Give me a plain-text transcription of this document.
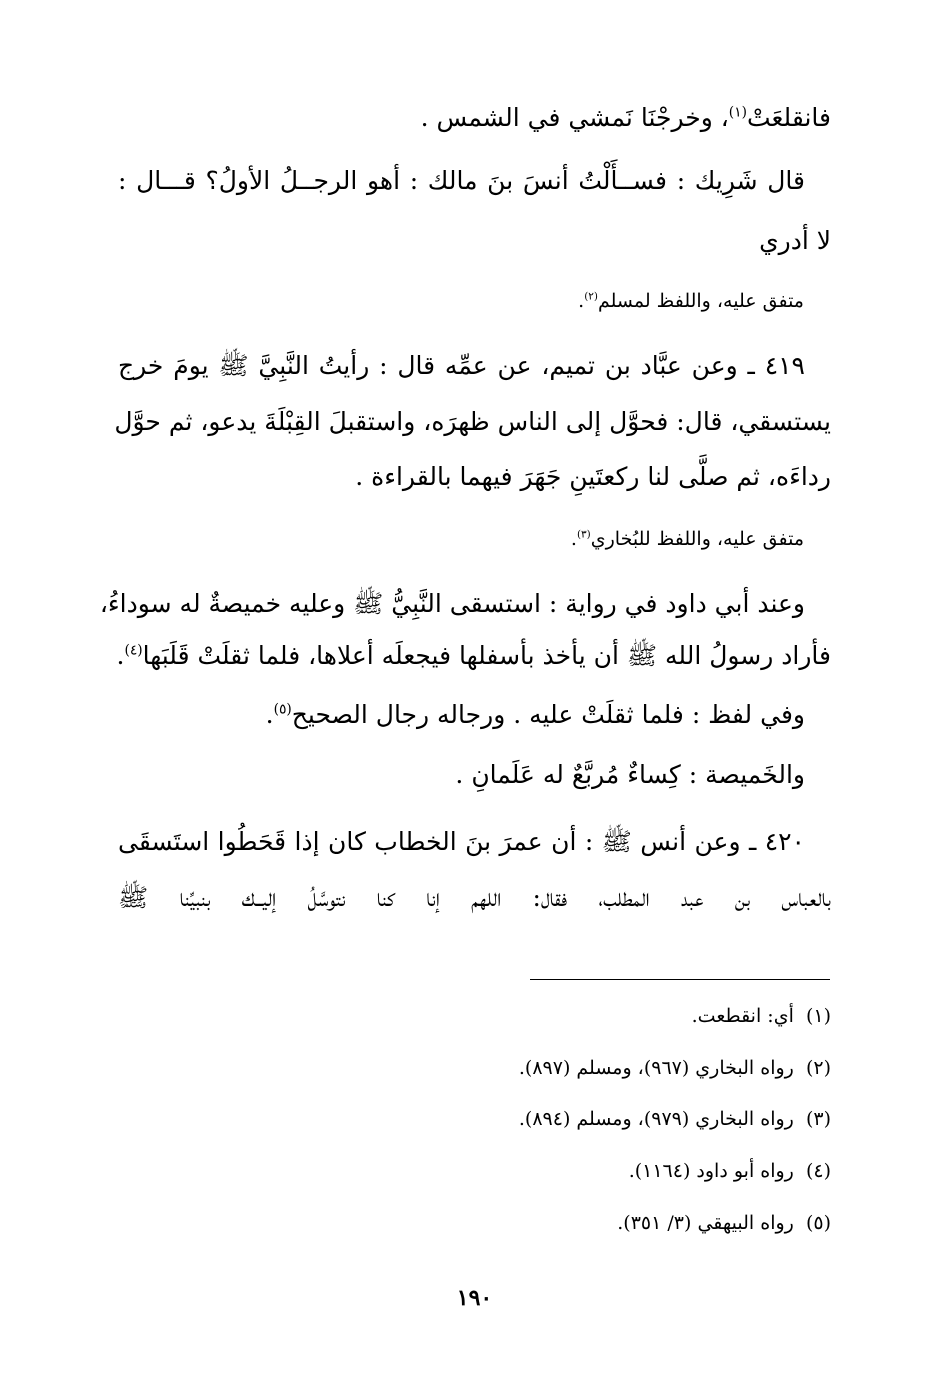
فانقلعَتْ$^{(١)}$، وخرجْنَا نَمشي في الشمس .
قال شَرِيك : فســأَلْتُ أنسَ بنَ مالك : أهو الرجــلُ الأولُ؟ قـــال :
لا أدري
متفق عليه، واللفظ لمسلم$^{(٢)}$.
٤١٩ ـ وعن عبَّاد بن تميم، عن عمِّه قال : رأيتُ النَّبِيَّ ﷺ يومَ خرج
يستسقي، قال: فحوَّل إلى الناس ظهرَه، واستقبلَ القِبْلَةَ يدعو، ثم حوَّل
رداءَه، ثم صلَّى لنا ركعتَينِ جَهَرَ فيهما بالقراءة .
متفق عليه، واللفظ للبُخاري$^{(٣)}$.
وعند أبي داود في رواية : استسقى النَّبِيُّ ﷺ وعليه خميصةٌ له سوداءُ،
فأراد رسولُ الله ﷺ أن يأخذ بأسفلها فيجعلَه أعلاها، فلما ثقلَتْ قَلَبَها$^{(٤)}$.
وفي لفظ : فلما ثقلَتْ عليه . ورجاله رجال الصحيح$^{(٥)}$.
والخَميصة : كِساءٌ مُربَّعٌ له عَلَمانِ .
٤٢٠ ـ وعن أنس ﷺ : أن عمرَ بنَ الخطاب كان إذا قَحَطُوا استَسقَى
بالعباس بن عبد المطلب، فقال: اللهم إنا كنا نتوسَّلُ إليــك بنبيِّنا ﷺ
(١)  أي: انقطعت.
(٢)  رواه البخاري (٩٦٧)، ومسلم (٨٩٧).
(٣)  رواه البخاري (٩٧٩)، ومسلم (٨٩٤).
(٤)  رواه أبو داود (١١٦٤).
(٥)  رواه البيهقي (٣/ ٣٥١).
١٩٠
